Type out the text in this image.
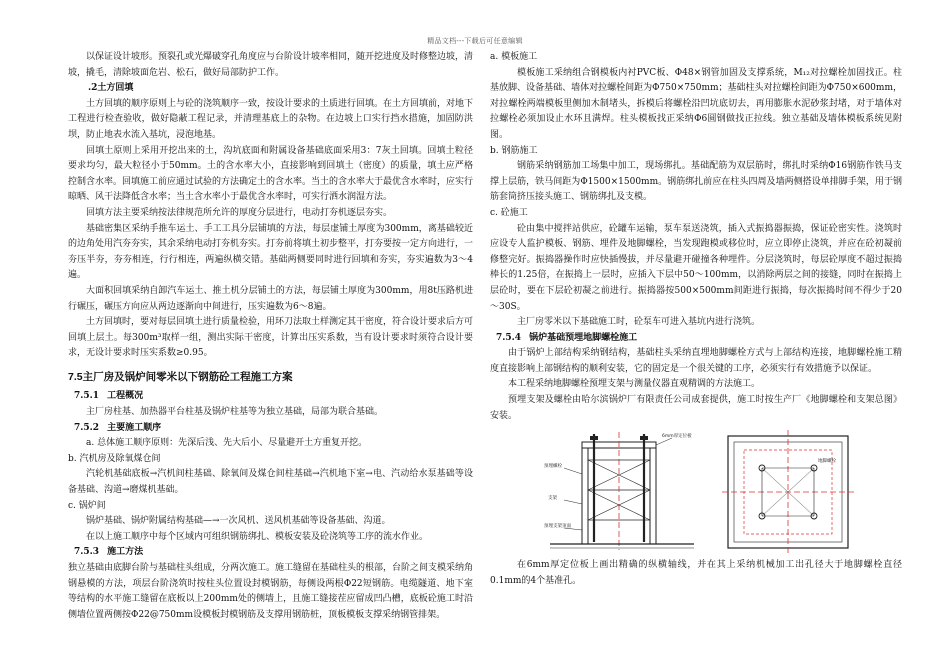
精品文档---下载后可任意编辑

以保证设计坡形。预裂孔或光爆破穿孔角度应与台阶设计坡率相同，随开挖进度及时修整边坡，清坡，撬毛，清除坡面危岩、松石，做好局部防护工作。

.2土方回填

土方回填的顺序原则上与砼的浇筑顺序一致，按设计要求的土质进行回填。在土方回填前，对地下工程进行检查验收，做好隐蔽工程记录，并清理基底上的杂物。在边坡上口实行挡水措施，加固防洪坝，防止地表水流入基坑，浸泡地基。

回填土原则上采用开挖出来的土，沟坑底面和附属设备基础底面采用3：7灰土回填。回填土粒径要求均匀，最大粒径小于50mm。土的含水率大小，直接影响到回填土（密度）的质量，填土应严格控制含水率。回填施工前应通过试验的方法确定土的含水率。当土的含水率大于最优含水率时，应实行晾晒、风干法降低含水率；当土含水率小于最优含水率时，可实行洒水润湿方法。

回填方法主要采纳按法律规范所允许的厚度分层进行，电动打夯机逐层夯实。

基础密集区采纳手推车运土、手工工具分层铺填的方法，每层虚铺土厚度为300mm，离基础较近的边角处用汽夯夯实，其余采纳电动打夯机夯实。打夯前将填土初步整平，打夯要按一定方向进行，一夯压半夯，夯夯相连，行行相连，两遍纵横交错。基础两侧要同时进行回填和夯实，夯实遍数为3～4遍。

大面积回填采纳自卸汽车运土、推土机分层铺土的方法，每层铺土厚度为300mm，用8t压路机进行碾压，碾压方向应从两边逐渐向中间进行，压实遍数为6～8遍。

土方回填时，要对每层回填土进行质量检验，用环刀法取土样测定其干密度，符合设计要求后方可回填上层土。每300m³取样一组，测出实际干密度，计算出压实系数，当有设计要求时须符合设计要求，无设计要求时压实系数≥0.95。

7.5主厂房及锅炉间零米以下钢筋砼工程施工方案

7.5.1 工程概况

主厂房柱基、加热器平台柱基及锅炉柱基等为独立基础，局部为联合基础。

7.5.2 主要施工顺序

a. 总体施工顺序原则：先深后浅、先大后小、尽量避开土方重复开挖。

b. 汽机房及除氧煤仓间

汽轮机基础底板→汽机间柱基础、除氧间及煤仓间柱基础→汽机地下室→电、汽动给水泵基础等设备基础、沟道→磨煤机基础。

c. 锅炉间

锅炉基础、锅炉附属结构基础—→一次风机、送风机基础等设备基础、沟道。

在以上施工顺序中每个区域内可组织钢筋绑扎、模板安装及砼浇筑等工序的流水作业。

7.5.3 施工方法

独立基础由底脚台阶与基础柱头组成，分两次施工。施工缝留在基础柱头的根部，台阶之间支模采纳角钢悬模的方法，项层台阶浇筑时按柱头位置设封模钢筋，每侧设两根Φ22短钢筋。电缆隧道、地下室等结构的水平施工缝留在底板以上200mm处的侧墙上，且施工缝接茬应留成凹凸槽，底板砼施工时沿侧墙位置两侧按Φ22@750mm设模板封模钢筋及支撑用钢筋桩，顶板模板支撑采纳钢管排架。

a. 模板施工

模板施工采纳组合钢模板内衬PVC板、Φ48×钢管加固及支撑系统，M₁₂对拉螺栓加固找正。柱基放脚、设备基础、墙体对拉螺栓间距为Φ750×750mm；基础柱头对拉螺栓间距为Φ750×600mm，对拉螺栓两端模板里侧加木制堵头，拆模后将螺栓沿凹坑底切去，再用膨胀水泥砂浆封堵，对于墙体对拉螺栓必须加设止水环且满焊。柱头模板找正采纳Φ6圆钢做找正拉线。独立基础及墙体模板系统见附图。

b. 钢筋施工

钢筋采纳钢筋加工场集中加工，现场绑扎。基础配筋为双层筋时，绑扎时采纳Φ16钢筋作铁马支撑上层筋，铁马间距为Φ1500×1500mm。钢筋绑扎前应在柱头四周及墙两侧搭设单排脚手架，用于钢筋套筒挤压接头施工、钢筋绑扎及支模。

c. 砼施工

砼由集中搅拌站供应，砼罐车运输，泵车泵送浇筑，插入式振捣器振捣，保证砼密实性。浇筑时应设专人监护模板、钢筋、埋件及地脚螺栓，当发现跑模或移位时，应立即停止浇筑，并应在砼初凝前修整完好。振捣器操作时应快插慢拔，并尽量避开碰撞各种埋件。分层浇筑时，每层砼厚度不超过振捣棒长的1.25倍，在振捣上一层时，应插入下层中50～100mm，以消除两层之间的接缝，同时在振捣上层砼时，要在下层砼初凝之前进行。振捣器按500×500mm间距进行振捣，每次振捣时间不得少于20～30S。

主厂房零米以下基础施工时，砼泵车可进入基坑内进行浇筑。

7.5.4 锅炉基础预埋地脚螺栓施工

由于锅炉上部结构采纳钢结构，基础柱头采纳直埋地脚螺栓方式与上部结构连接，地脚螺栓施工精度直接影响上部钢结构的顺利安装，它的固定是一个很关键的工序，必须实行有效措施予以保证。

本工程采纳地脚螺栓预埋支架与测量仪器直观精调的方法施工。

预埋支架及螺栓由哈尔滨锅炉厂有限责任公司成套提供，施工时按生产厂《地脚螺栓和支架总图》安装。

6mm厚定位板
预埋螺栓
支架
预埋支架顶面
地脚螺栓

在6mm厚定位板上画出精确的纵横轴线，并在其上采纳机械加工出孔径大于地脚螺栓直径0.1mm的4个基准孔。
